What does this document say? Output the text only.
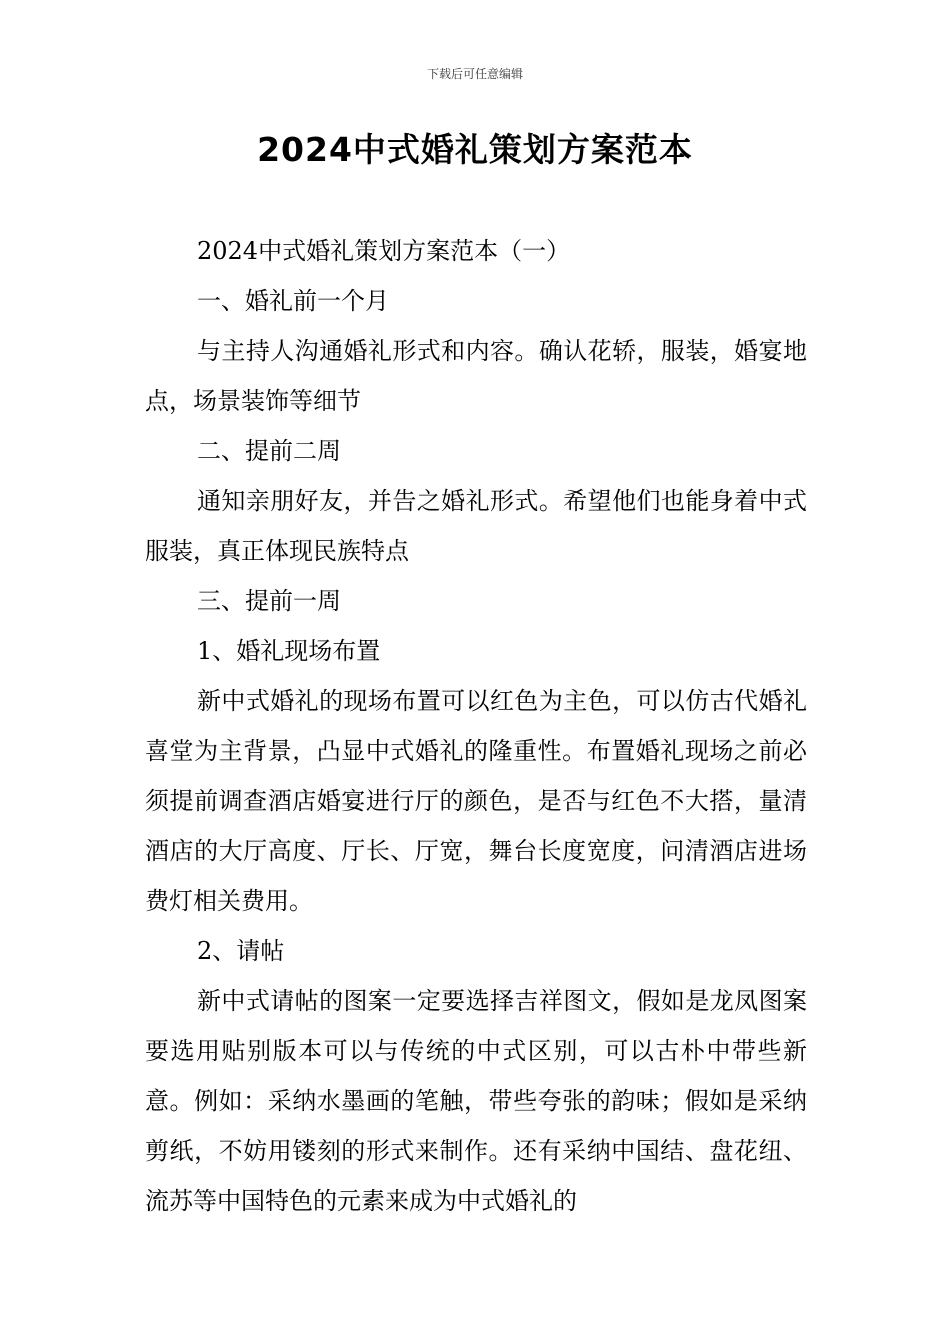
下载后可任意编辑
2024中式婚礼策划方案范本

2024中式婚礼策划方案范本（一）

一、婚礼前一个月

与主持人沟通婚礼形式和内容。确认花轿，服装，婚宴地点，场景装饰等细节

二、提前二周

通知亲朋好友，并告之婚礼形式。希望他们也能身着中式服装，真正体现民族特点

三、提前一周

1、婚礼现场布置

新中式婚礼的现场布置可以红色为主色，可以仿古代婚礼喜堂为主背景，凸显中式婚礼的隆重性。布置婚礼现场之前必须提前调查酒店婚宴进行厅的颜色，是否与红色不大搭，量清酒店的大厅高度、厅长、厅宽，舞台长度宽度，问清酒店进场费灯相关费用。

2、请帖

新中式请帖的图案一定要选择吉祥图文，假如是龙凤图案要选用贴别版本可以与传统的中式区别，可以古朴中带些新意。例如：采纳水墨画的笔触，带些夸张的韵味；假如是采纳剪纸，不妨用镂刻的形式来制作。还有采纳中国结、盘花纽、流苏等中国特色的元素来成为中式婚礼的
